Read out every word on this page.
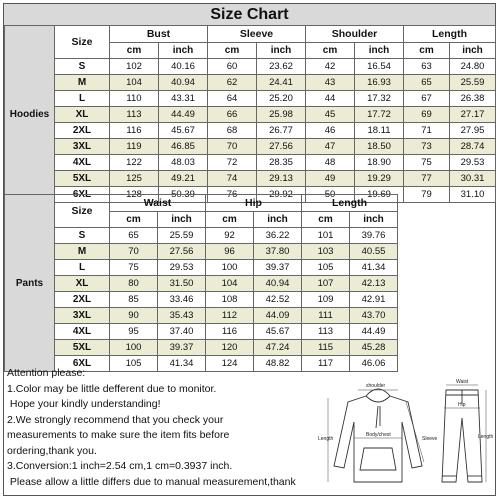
Size Chart
Hoodies	Size	Bust		Sleeve		Shoulder		Length	
		cm	inch	cm	inch	cm	inch	cm	inch
	S	102	40.16	60	23.62	42	16.54	63	24.80
	M	104	40.94	62	24.41	43	16.93	65	25.59
	L	110	43.31	64	25.20	44	17.32	67	26.38
	XL	113	44.49	66	25.98	45	17.72	69	27.17
	2XL	116	45.67	68	26.77	46	18.11	71	27.95
	3XL	119	46.85	70	27.56	47	18.50	73	28.74
	4XL	122	48.03	72	28.35	48	18.90	75	29.53
	5XL	125	49.21	74	29.13	49	19.29	77	30.31
	6XL	128	50.39	76	29.92	50	19.69	79	31.10
Pants	Size	Waist		Hip		Length	
		cm	inch	cm	inch	cm	inch
	S	65	25.59	92	36.22	101	39.76
	M	70	27.56	96	37.80	103	40.55
	L	75	29.53	100	39.37	105	41.34
	XL	80	31.50	104	40.94	107	42.13
	2XL	85	33.46	108	42.52	109	42.91
	3XL	90	35.43	112	44.09	111	43.70
	4XL	95	37.40	116	45.67	113	44.49
	5XL	100	39.37	120	47.24	115	45.28
	6XL	105	41.34	124	48.82	117	46.06
Attention please:
1.Color may be little defferent due to monitor.
Hope your kindly understanding!
2.We strongly recommend that you check your
measurements to make sure the item fits before
ordering,thank you.
3.Conversion:1 inch=2.54 cm,1 cm=0.3937 inch.
Please allow a little differs due to manual measurement,thank
shoulder
Length
Body/chest
Sleeve
Waist
Hip
Length
